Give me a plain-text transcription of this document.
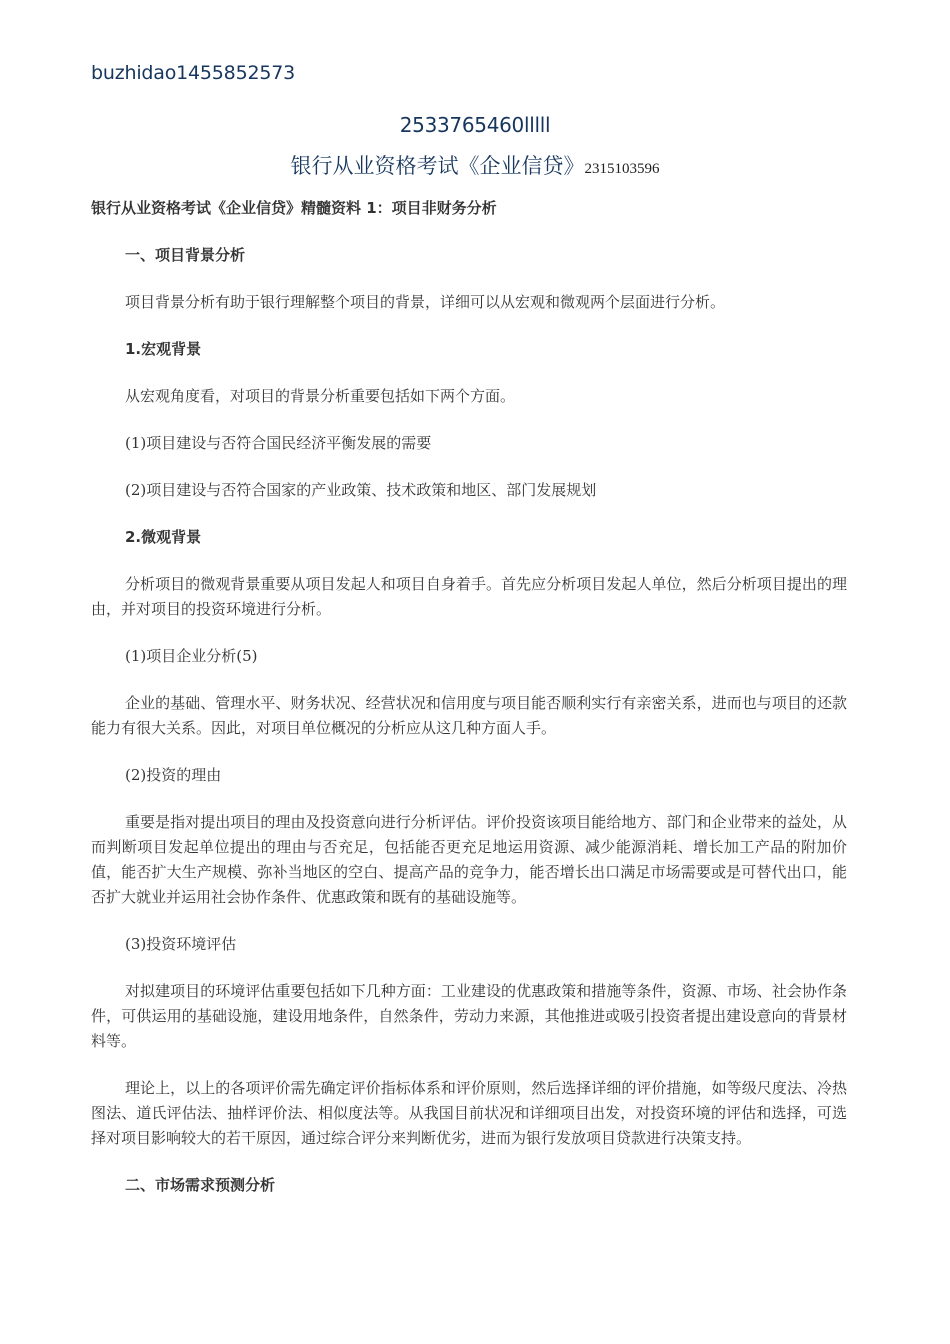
buzhidao1455852573
2533765460lllll
银行从业资格考试《企业信贷》2315103596

银行从业资格考试《企业信贷》精髓资料 1：项目非财务分析

一、项目背景分析

项目背景分析有助于银行理解整个项目的背景，详细可以从宏观和微观两个层面进行分析。

1.宏观背景

从宏观角度看，对项目的背景分析重要包括如下两个方面。

(1)项目建设与否符合国民经济平衡发展的需要

(2)项目建设与否符合国家的产业政策、技术政策和地区、部门发展规划

2.微观背景

分析项目的微观背景重要从项目发起人和项目自身着手。首先应分析项目发起人单位，然后分析项目提出的理由，并对项目的投资环境进行分析。

(1)项目企业分析(5)

企业的基础、管理水平、财务状况、经营状况和信用度与项目能否顺利实行有亲密关系，进而也与项目的还款能力有很大关系。因此，对项目单位概况的分析应从这几种方面人手。

(2)投资的理由

重要是指对提出项目的理由及投资意向进行分析评估。评价投资该项目能给地方、部门和企业带来的益处，从而判断项目发起单位提出的理由与否充足，包括能否更充足地运用资源、减少能源消耗、增长加工产品的附加价值，能否扩大生产规模、弥补当地区的空白、提高产品的竞争力，能否增长出口满足市场需要或是可替代出口，能否扩大就业并运用社会协作条件、优惠政策和既有的基础设施等。

(3)投资环境评估

对拟建项目的环境评估重要包括如下几种方面：工业建设的优惠政策和措施等条件，资源、市场、社会协作条件，可供运用的基础设施，建设用地条件，自然条件，劳动力来源，其他推进或吸引投资者提出建设意向的背景材料等。

理论上，以上的各项评价需先确定评价指标体系和评价原则，然后选择详细的评价措施，如等级尺度法、冷热图法、道氏评估法、抽样评价法、相似度法等。从我国目前状况和详细项目出发，对投资环境的评估和选择，可选择对项目影响较大的若干原因，通过综合评分来判断优劣，进而为银行发放项目贷款进行决策支持。

二、市场需求预测分析
